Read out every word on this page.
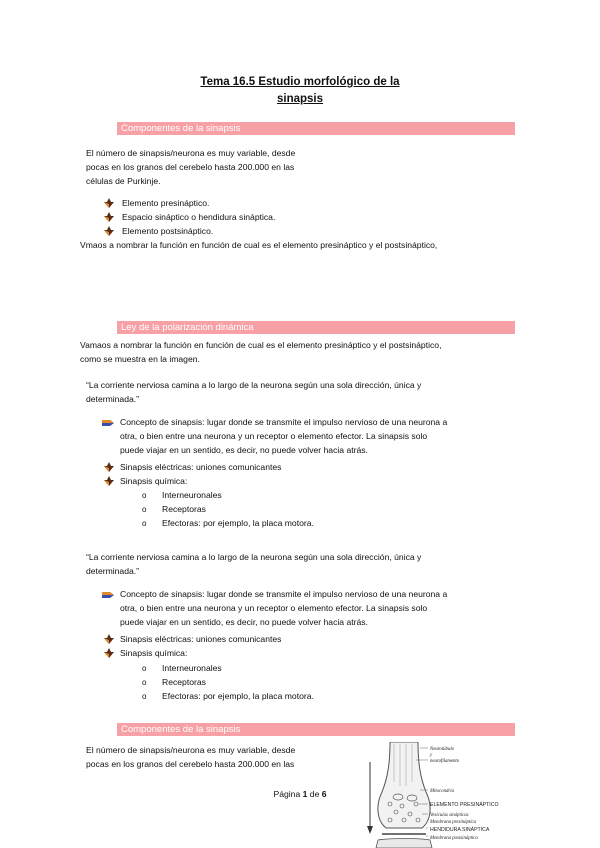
Tema 16.5 Estudio morfológico de la
sinapsis
Componentes de la sinapsis
El número de sinapsis/neurona es muy variable, desde
pocas en los granos del cerebelo hasta 200.000 en las
células de Purkinje.
Elemento presináptico.
Espacio sináptico o hendidura sináptica.
Elemento postsináptico.
Vmaos a nombrar la función en función de cual es el elemento presináptico y el postsináptico,
Ley de la polarización dinámica
Vamaos a nombrar la función en función de cual es el elemento presináptico y el postsináptico,
como se muestra en la imagen.
“La corriente nerviosa camina a lo largo de la neurona según una sola dirección, única y
determinada.”
Concepto de sinapsis: lugar donde se transmite el impulso nervioso de una neurona a
otra, o bien entre una neurona y un receptor o elemento efector. La sinapsis solo
puede viajar en un sentido, es decir, no puede volver hacia atrás.
Sinapsis eléctricas: uniones comunicantes
Sinapsis química:
o Interneuronales
o Receptoras
o Efectoras: por ejemplo, la placa motora.
“La corriente nerviosa camina a lo largo de la neurona según una sola dirección, única y
determinada.”
Concepto de sinapsis: lugar donde se transmite el impulso nervioso de una neurona a
otra, o bien entre una neurona y un receptor o elemento efector. La sinapsis solo
puede viajar en un sentido, es decir, no puede volver hacia atrás.
Sinapsis eléctricas: uniones comunicantes
Sinapsis química:
o Interneuronales
o Receptoras
o Efectoras: por ejemplo, la placa motora.
Componentes de la sinapsis
El número de sinapsis/neurona es muy variable, desde
pocas en los granos del cerebelo hasta 200.000 en las
Neurotúbulo
y
neurofilamento
Mitocondria
ELEMENTO PRESINÁPTICO
Vesículas sinápticas
Membrana presináptica
HENDIDURA SINÁPTICA
Membrana postsináptica
Página 1 de 6
